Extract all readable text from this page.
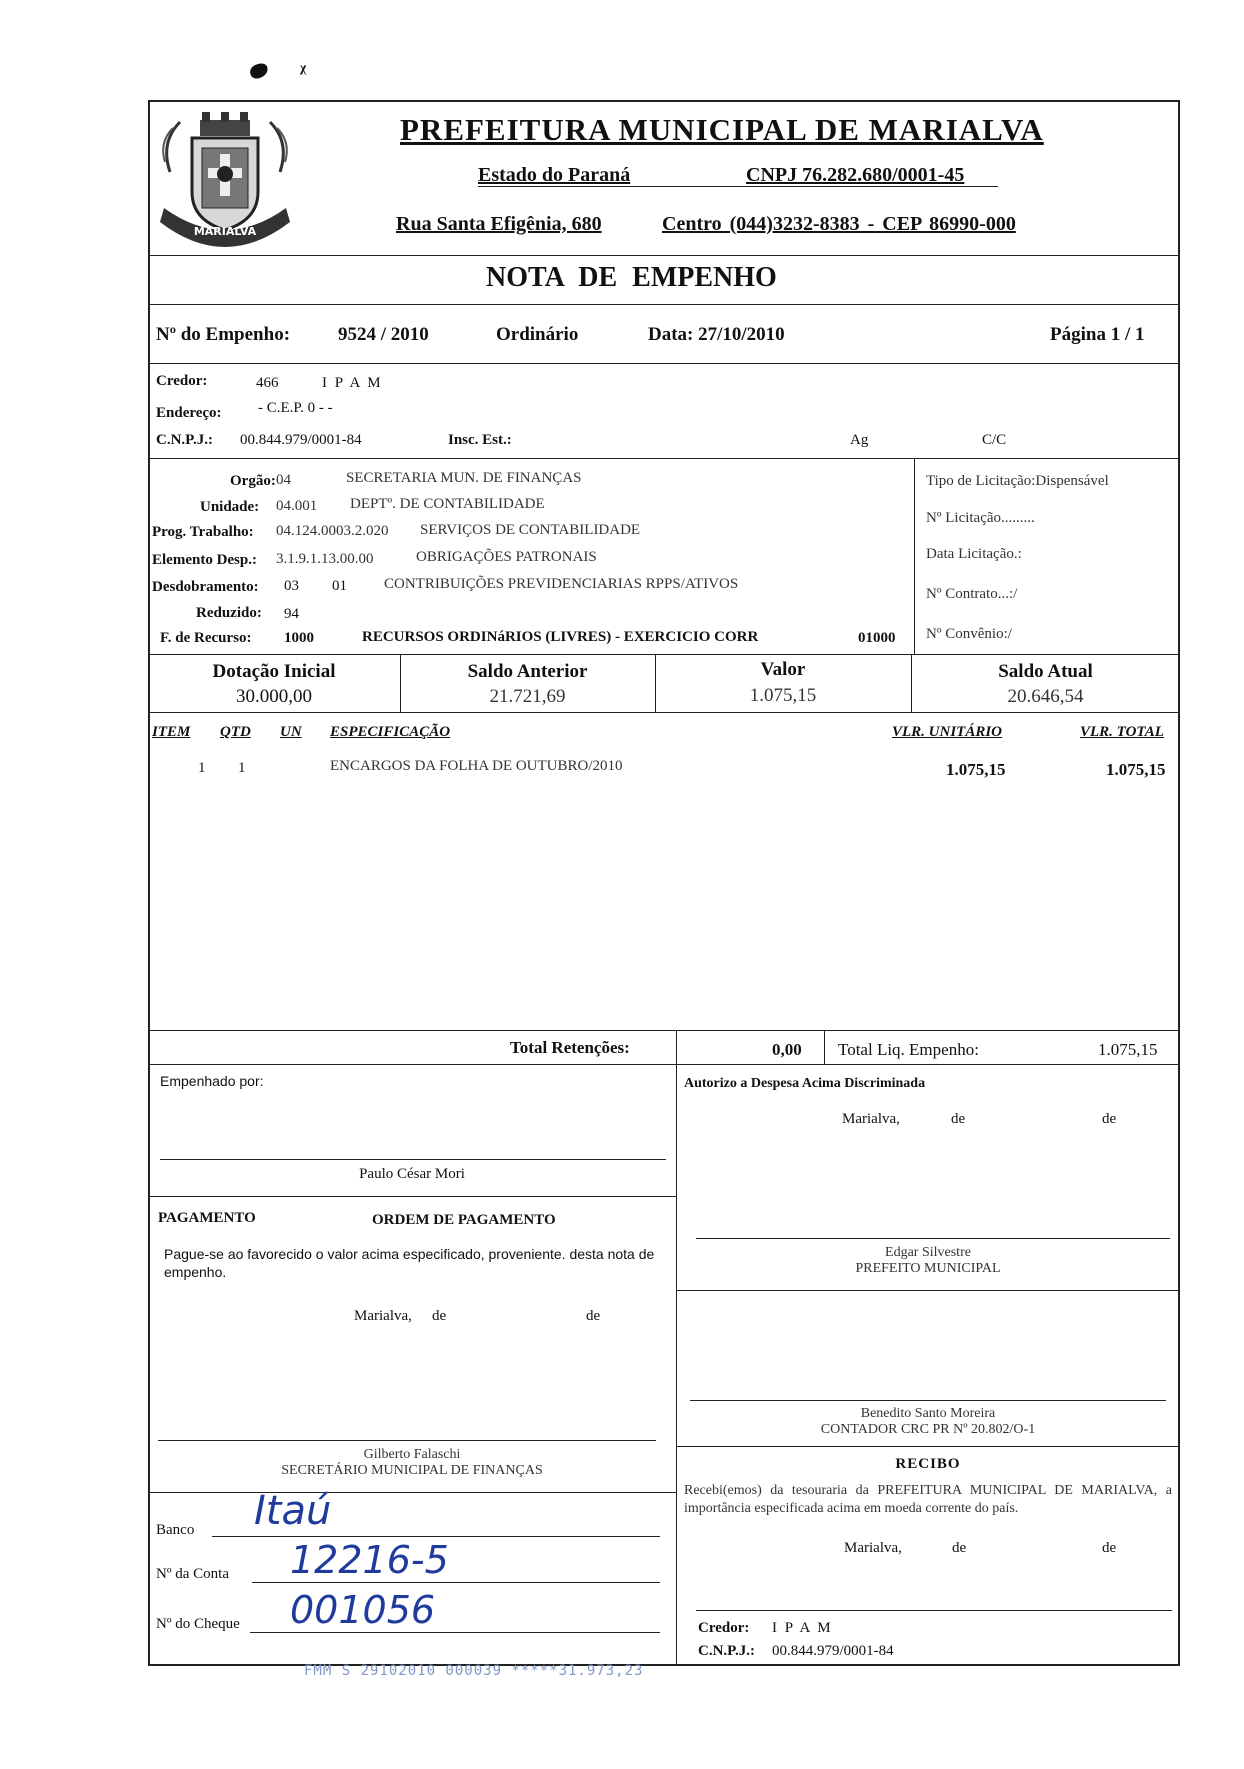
ᵡ
MARIALVA
PREFEITURA MUNICIPAL DE MARIALVA
Estado do Paraná	CNPJ 76.282.680/0001-45
Rua Santa Efigênia, 680	Centro (044)3232-8383 - CEP 86990-000
NOTA DE EMPENHO
Nº do Empenho:	9524 / 2010	Ordinário	Data: 27/10/2010	Página 1 / 1
Credor:	466	I P A M
Endereço: - C.E.P. 0 - -
C.N.P.J.: 00.844.979/0001-84	Insc. Est.:	Ag	C/C
Orgão: 04	SECRETARIA MUN. DE FINANÇAS
Unidade: 04.001 DEPTº. DE CONTABILIDADE
Prog. Trabalho: 04.124.0003.2.020 SERVIÇOS DE CONTABILIDADE
Elemento Desp.: 3.1.9.1.13.00.00	OBRIGAÇÕES PATRONAIS
Desdobramento: 03 01 CONTRIBUIÇÕES PREVIDENCIARIAS RPPS/ATIVOS
Reduzido: 94
F. de Recurso: 1000	RECURSOS ORDINáRIOS (LIVRES) - EXERCICIO CORR	01000
Tipo de Licitação:Dispensável
Nº Licitação.........
Data Licitação.:
Nº Contrato...:/
Nº Convênio:/
Dotação Inicial
30.000,00
Saldo Anterior
21.721,69
Valor
1.075,15
Saldo Atual
20.646,54
ITEM QTD UN ESPECIFICAÇÃO	VLR. UNITÁRIO	VLR. TOTAL
1 1	ENCARGOS DA FOLHA DE OUTUBRO/2010	1.075,15	1.075,15
Total Retenções:	0,00 Total Liq. Empenho:	1.075,15
Empenhado por:
Paulo César Mori
Autorizo a Despesa Acima Discriminada
Marialva,	de	de
Edgar Silvestre
PREFEITO MUNICIPAL
PAGAMENTO	ORDEM DE PAGAMENTO
Pague-se ao favorecido o valor acima especificado, proveniente. desta nota de empenho.
Marialva, de	de
Gilberto Falaschi
SECRETÁRIO MUNICIPAL DE FINANÇAS
Benedito Santo Moreira
CONTADOR CRC PR Nº 20.802/O-1
RECIBO
Recebi(emos) da tesouraria da PREFEITURA MUNICIPAL DE MARIALVA, a importância especificada acima em moeda corrente do país.
Marialva,	de	de
Credor: I P A M
C.N.P.J.: 00.844.979/0001-84
Banco Itaú
Nº da Conta 12216-5
Nº do Cheque 001056
FMM S 29102010 000039 *****31.973,23
